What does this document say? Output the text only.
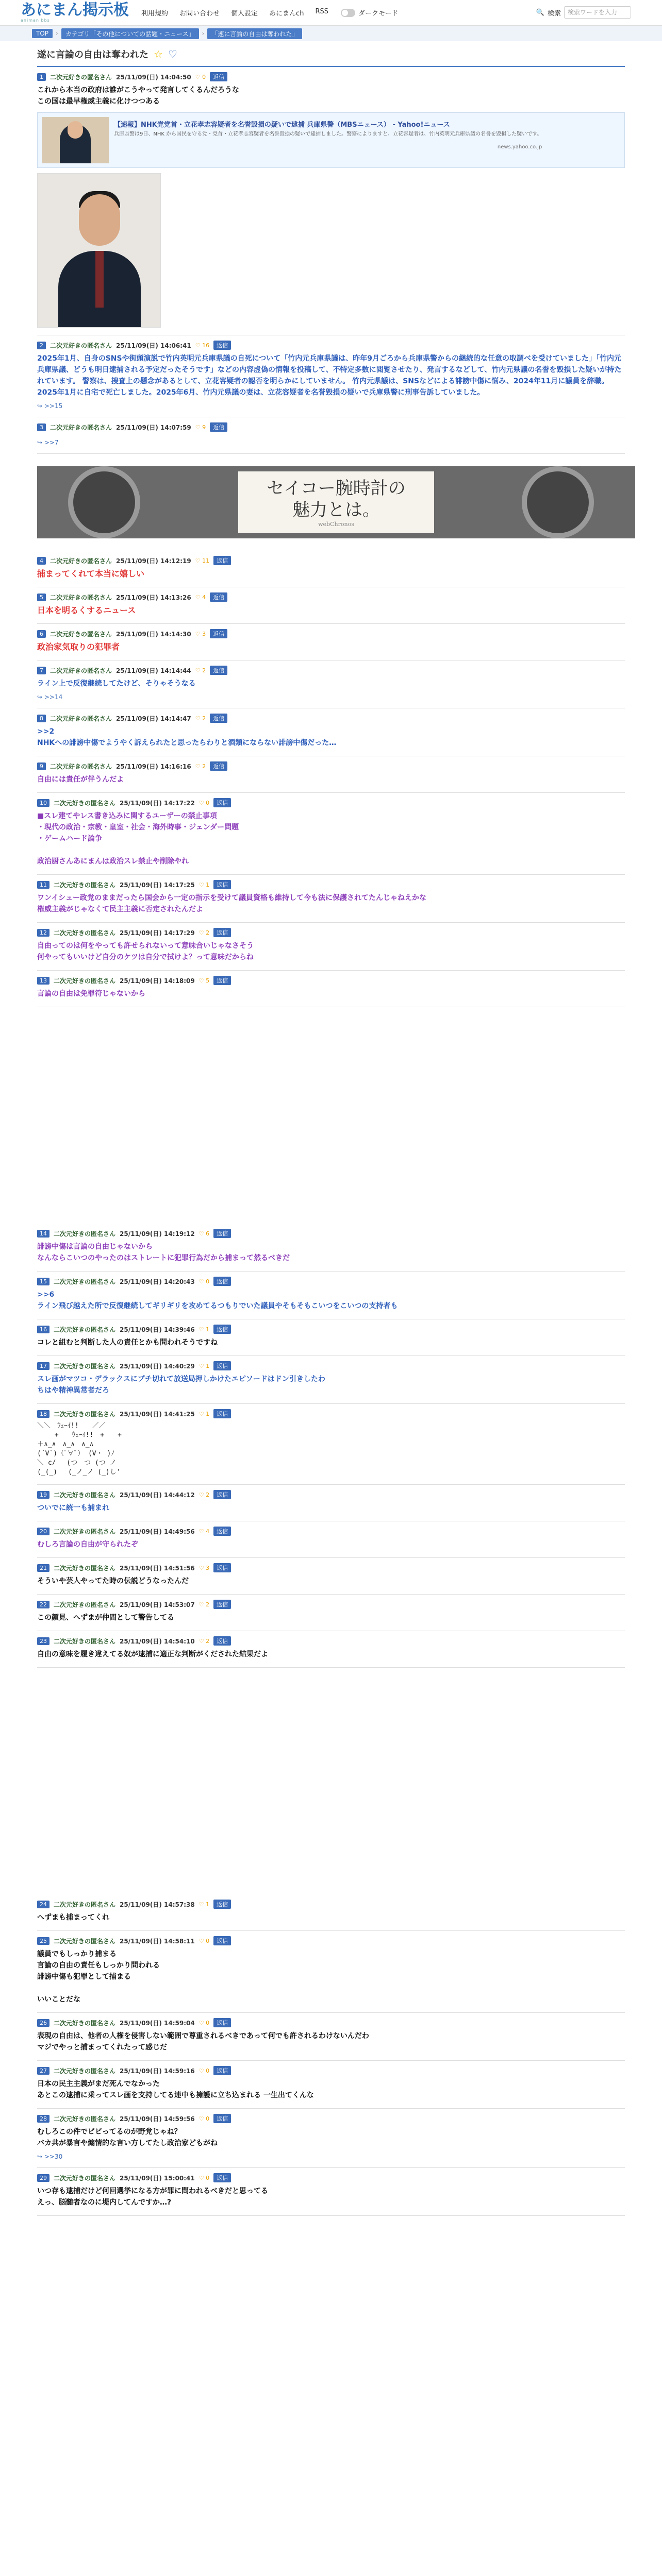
あにまん掲示板
animan bbs
利用規約 お問い合わせ 個人設定 あにまんch RSS	ダークモード	🔍 検索	検索ワードを入力
TOP	›	カテゴリ「その他についての話題・ニュース」	›	「速に言論の自由は奪われた」
遂に言論の自由は奪われた ☆ ♡
1	二次元好きの匿名さん 25/11/09(日) 14:04:50 ♡ 0	返信
これから本当の政府は誰がこうやって発言してくるんだろうな
この国は最早権威主義に化けつつある
【速報】NHK党党首・立花孝志容疑者を名誉毀損の疑いで逮捕 兵庫県警（MBSニュース） - Yahoo!ニュース
兵庫県警は9日、NHK から国民を守る党・党首・立花孝志容疑者を名誉毀損の疑いで逮捕しました。警察によりますと、立花容疑者は、竹内英明元兵庫県議の名誉を毀損した疑いです。
news.yahoo.co.jp
2	二次元好きの匿名さん 25/11/09(日) 14:06:41 ♡ 16	返信
2025年1月、自身のSNSや街頭演説で竹内英明元兵庫県議の自死について「竹内元兵庫県議は、昨年9月ごろから兵庫県警からの継続的な任意の取調べを受けていました」「竹内元兵庫県議、どうも明日逮捕される予定だったそうです」などの内容虚偽の情報を投稿して、不特定多数に閲覧させたり、発言するなどして、竹内元県議の名誉を毀損した疑いが持たれています。 警察は、捜査上の懸念があるとして、立花容疑者の認否を明らかにしていません。 竹内元県議は、SNSなどによる誹謗中傷に悩み、2024年11月に議員を辞職。2025年1月に自宅で死亡しました。2025年6月、竹内元県議の妻は、立花容疑者を名誉毀損の疑いで兵庫県警に刑事告訴していました。
↪ >>15
3	二次元好きの匿名さん 25/11/09(日) 14:07:59 ♡ 9	返信
↪ >>7
セイコー腕時計の
魅力とは。
webChronos
4	二次元好きの匿名さん 25/11/09(日) 14:12:19 ♡ 11	返信
捕まってくれて本当に嬉しい
5	二次元好きの匿名さん 25/11/09(日) 14:13:26 ♡ 4	返信
日本を明るくするニュース
6	二次元好きの匿名さん 25/11/09(日) 14:14:30 ♡ 3	返信
政治家気取りの犯罪者
7	二次元好きの匿名さん 25/11/09(日) 14:14:44 ♡ 2	返信
ライン上で反復継続してたけど、そりゃそうなる
↪ >>14
8	二次元好きの匿名さん 25/11/09(日) 14:14:47 ♡ 2	返信
>>2
NHKへの誹謗中傷でようやく訴えられたと思ったらわりと酒類にならない誹謗中傷だった…
9	二次元好きの匿名さん 25/11/09(日) 14:16:16 ♡ 2	返信
自由には責任が伴うんだよ
10	二次元好きの匿名さん 25/11/09(日) 14:17:22 ♡ 0	返信
■スレ建てやレス書き込みに関するユーザーの禁止事項
・現代の政治・宗教・皇室・社会・海外時事・ジェンダー問題
・ゲームハード論争

政治厨さんあにまんは政治スレ禁止や削除やれ
11	二次元好きの匿名さん 25/11/09(日) 14:17:25 ♡ 1	返信
ワンイシュー政党のままだったら国会から一定の指示を受けて議員資格も維持して今も法に保護されてたんじゃねえかな
権威主義がじゃなくて民主主義に否定されたんだよ
12	二次元好きの匿名さん 25/11/09(日) 14:17:29 ♡ 2	返信
自由ってのは何をやっても許せられないって意味合いじゃなさそう
何やってもいいけど自分のケツは自分で拭けよ？って意味だからね
13	二次元好きの匿名さん 25/11/09(日) 14:18:09 ♡ 5	返信
言論の自由は免罪符じゃないから
14	二次元好きの匿名さん 25/11/09(日) 14:19:12 ♡ 6	返信
誹謗中傷は言論の自由じゃないから
なんならこいつのやったのはストレートに犯罪行為だから捕まって然るべきだ
15	二次元好きの匿名さん 25/11/09(日) 14:20:43 ♡ 0	返信
>>6
ライン飛び越えた所で反復継続してギリギリを攻めてるつもりでいた議員やそもそもこいつをこいつの支持者も
16	二次元好きの匿名さん 25/11/09(日) 14:39:46 ♡ 1	返信
コレと組むと判断した人の責任とかも問われそうですね
17	二次元好きの匿名さん 25/11/09(日) 14:40:29 ♡ 1	返信
スレ画がマツコ・デラックスにブチ切れて放送局押しかけたエピソードはドン引きしたわ
ちはや精神異常者だろ
18	二次元好きの匿名さん 25/11/09(日) 14:41:25 ♡ 1	返信
＼＼　ｳｪｰｲ!!　　／／
　　 +　　ｳｪｰｲ!!　+　　+
＋∧_∧　∧_∧　∧_∧
(´∀`)（ﾟ∀ﾟ） (∀・ )ﾉ
＼ c/ 　(つ　つ (つ ノ
(_(_) 　(_ノ_ノ (_)し'
19	二次元好きの匿名さん 25/11/09(日) 14:44:12 ♡ 2	返信
ついでに統一も捕まれ
20	二次元好きの匿名さん 25/11/09(日) 14:49:56 ♡ 4	返信
むしろ言論の自由が守られたぞ
21	二次元好きの匿名さん 25/11/09(日) 14:51:56 ♡ 3	返信
そういや芸人やってた時の伝説どうなったんだ
22	二次元好きの匿名さん 25/11/09(日) 14:53:07 ♡ 2	返信
この顔見、へずまが仲間として警告してる
23	二次元好きの匿名さん 25/11/09(日) 14:54:10 ♡ 2	返信
自由の意味を履き違えてる奴が逮捕に適正な判断がくだされた結果だよ
24	二次元好きの匿名さん 25/11/09(日) 14:57:38 ♡ 1	返信
へずまも捕まってくれ
25	二次元好きの匿名さん 25/11/09(日) 14:58:11 ♡ 0	返信
議員でもしっかり捕まる
言論の自由の責任もしっかり問われる
誹謗中傷も犯罪として捕まる

いいことだな
26	二次元好きの匿名さん 25/11/09(日) 14:59:04 ♡ 0	返信
表現の自由は、他者の人権を侵害しない範囲で尊重されるべきであって何でも許されるわけないんだわ
マジでやっと捕まってくれたって感じだ
27	二次元好きの匿名さん 25/11/09(日) 14:59:16 ♡ 0	返信
日本の民主主義がまだ死んでなかった
あとこの逮捕に乗ってスレ画を支持してる連中も擁護に立ち込まれる 一生出てくんな
28	二次元好きの匿名さん 25/11/09(日) 14:59:56 ♡ 0	返信
むしろこの件でビビってるのが野党じゃね？
バカ共が暴言や煽情的な言い方してたし政治家どもがね
↪ >>30
29	二次元好きの匿名さん 25/11/09(日) 15:00:41 ♡ 0	返信
いつ存も逮捕だけど何回選挙になる方が罪に問われるべきだと思ってる
えっ、脳髄者なのに堤内してんですか…?
